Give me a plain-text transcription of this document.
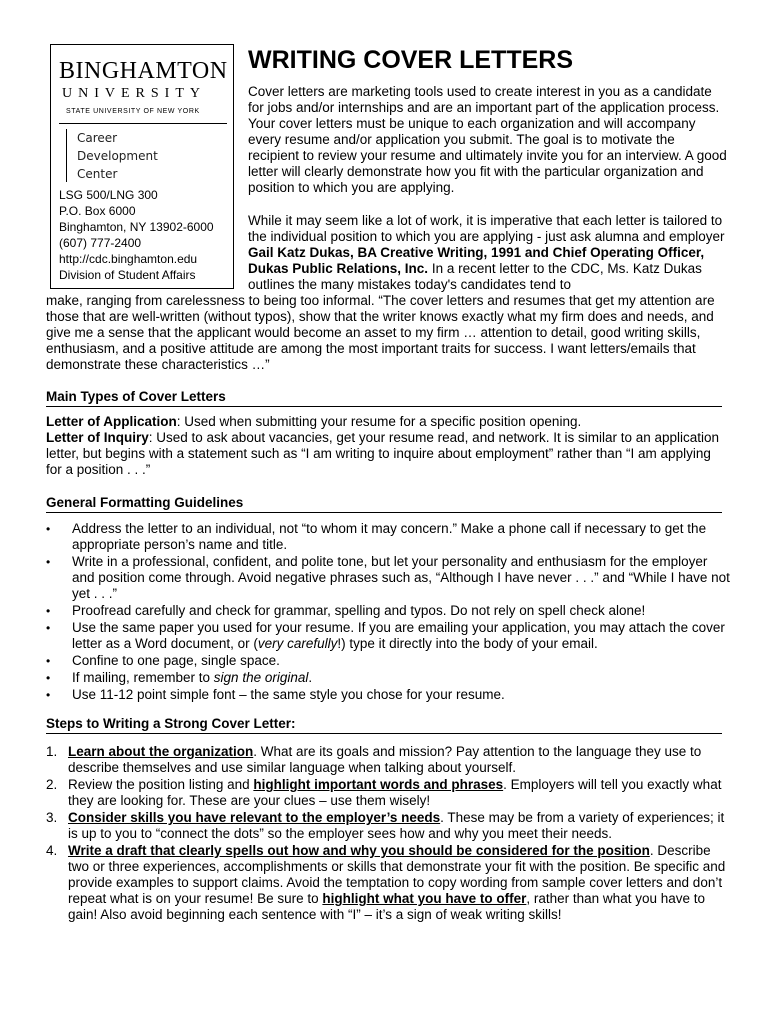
BINGHAMTON
UNIVERSITY
STATE UNIVERSITY OF NEW YORK
Career
Development
Center
LSG 500/LNG 300
P.O. Box 6000
Binghamton, NY 13902-6000
(607) 777-2400
http://cdc.binghamton.edu
Division of Student Affairs
WRITING COVER LETTERS

Cover letters are marketing tools used to create interest in you as a candidate for jobs and/or internships and are an important part of the application process. Your cover letters must be unique to each organization and will accompany every resume and/or application you submit. The goal is to motivate the recipient to review your resume and ultimately invite you for an interview. A good letter will clearly demonstrate how you fit with the particular organization and position to which you are applying.

While it may seem like a lot of work, it is imperative that each letter is tailored to the individual position to which you are applying - just ask alumna and employer Gail Katz Dukas, BA Creative Writing, 1991 and Chief Operating Officer, Dukas Public Relations, Inc. In a recent letter to the CDC, Ms. Katz Dukas outlines the many mistakes today's candidates tend to

make, ranging from carelessness to being too informal. “The cover letters and resumes that get my attention are those that are well-written (without typos), show that the writer knows exactly what my firm does and needs, and give me a sense that the applicant would become an asset to my firm … attention to detail, good writing skills, enthusiasm, and a positive attitude are among the most important traits for success. I want letters/emails that demonstrate these characteristics …”

Main Types of Cover Letters

Letter of Application: Used when submitting your resume for a specific position opening.
Letter of Inquiry: Used to ask about vacancies, get your resume read, and network. It is similar to an application letter, but begins with a statement such as “I am writing to inquire about employment” rather than “I am applying for a position . . .”

General Formatting Guidelines
• Address the letter to an individual, not “to whom it may concern.” Make a phone call if necessary to get the appropriate person’s name and title.
• Write in a professional, confident, and polite tone, but let your personality and enthusiasm for the employer and position come through. Avoid negative phrases such as, “Although I have never . . .” and “While I have not yet . . .”
• Proofread carefully and check for grammar, spelling and typos. Do not rely on spell check alone!
• Use the same paper you used for your resume. If you are emailing your application, you may attach the cover letter as a Word document, or (very carefully!) type it directly into the body of your email.
• Confine to one page, single space.
• If mailing, remember to sign the original.
• Use 11-12 point simple font – the same style you chose for your resume.
Steps to Writing a Strong Cover Letter:
1. Learn about the organization. What are its goals and mission? Pay attention to the language they use to describe themselves and use similar language when talking about yourself.
2. Review the position listing and highlight important words and phrases. Employers will tell you exactly what they are looking for. These are your clues – use them wisely!
3. Consider skills you have relevant to the employer’s needs. These may be from a variety of experiences; it is up to you to “connect the dots” so the employer sees how and why you meet their needs.
4. Write a draft that clearly spells out how and why you should be considered for the position. Describe two or three experiences, accomplishments or skills that demonstrate your fit with the position. Be specific and provide examples to support claims. Avoid the temptation to copy wording from sample cover letters and don’t repeat what is on your resume! Be sure to highlight what you have to offer, rather than what you have to gain! Also avoid beginning each sentence with “I” – it’s a sign of weak writing skills!
